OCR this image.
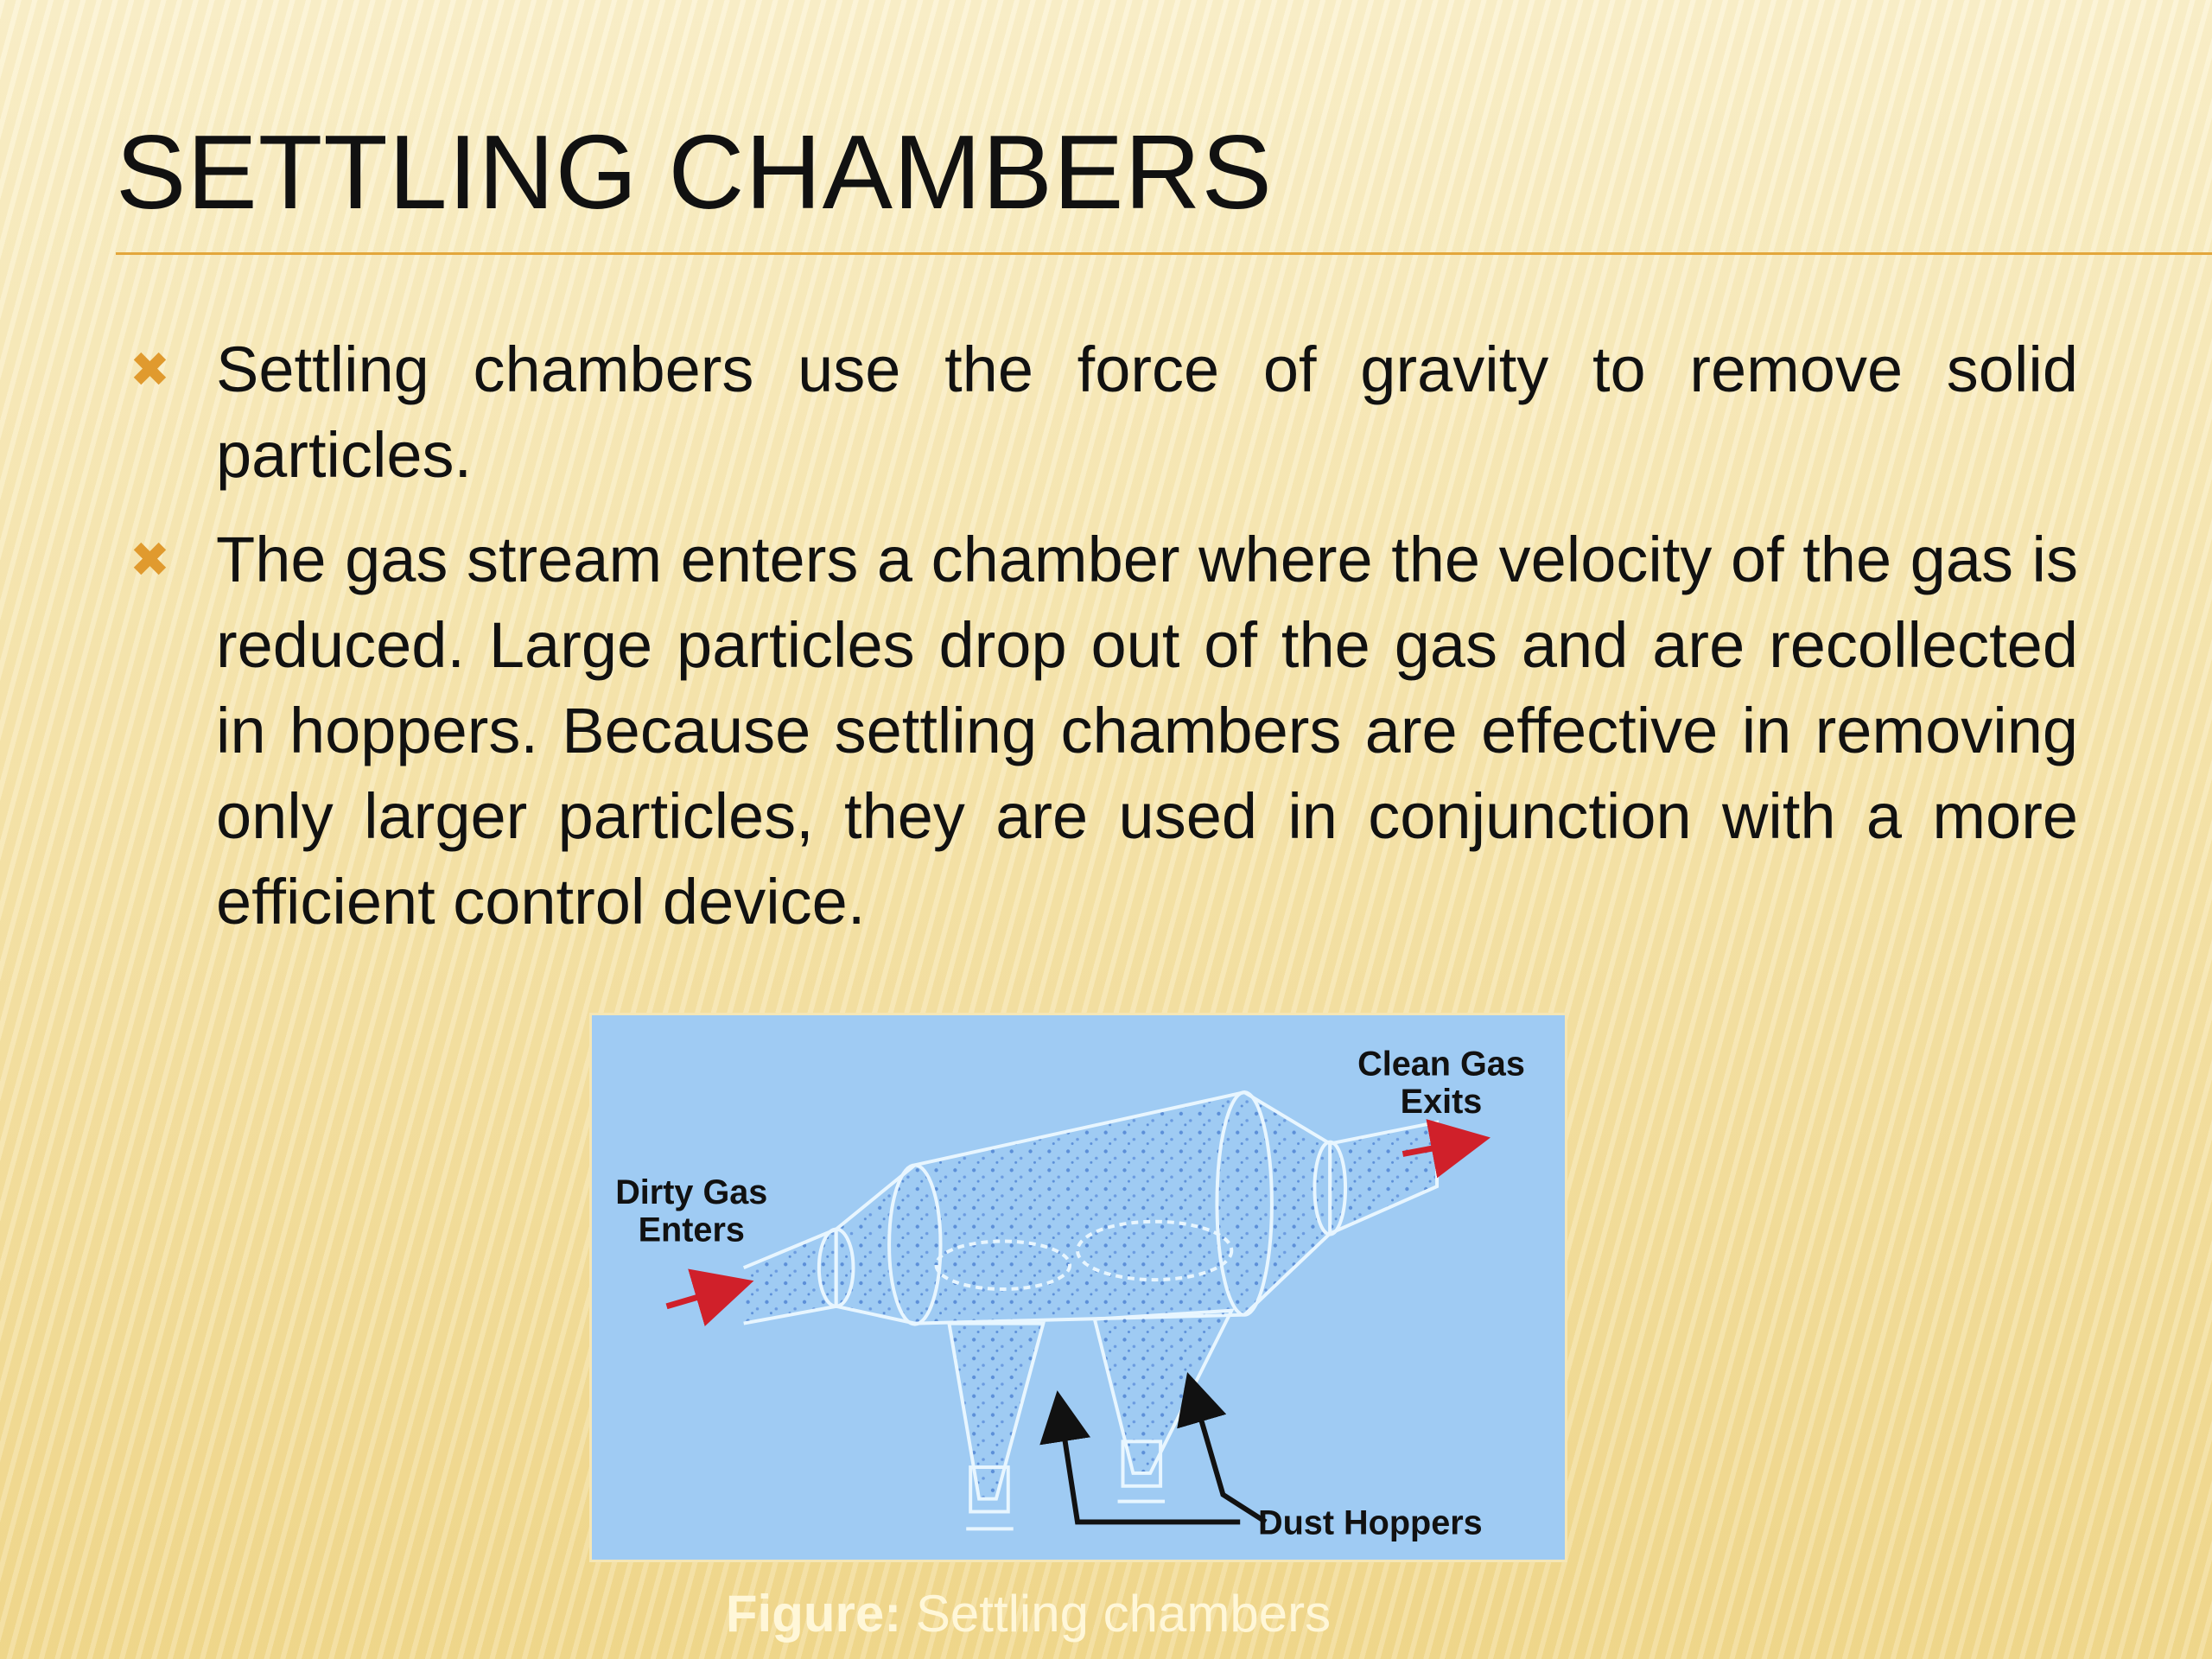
SETTLING CHAMBERS
✖ Settling chambers use the force of gravity to remove solid particles.
✖ The gas stream enters a chamber where the velocity of the gas is reduced. Large particles drop out of the gas and are recollected in hoppers. Because settling chambers are effective in removing only larger particles, they are used in conjunction with a more efficient control device.
Dirty Gas
Enters
Clean Gas
Exits
Dust Hoppers
Figure: Settling chambers
